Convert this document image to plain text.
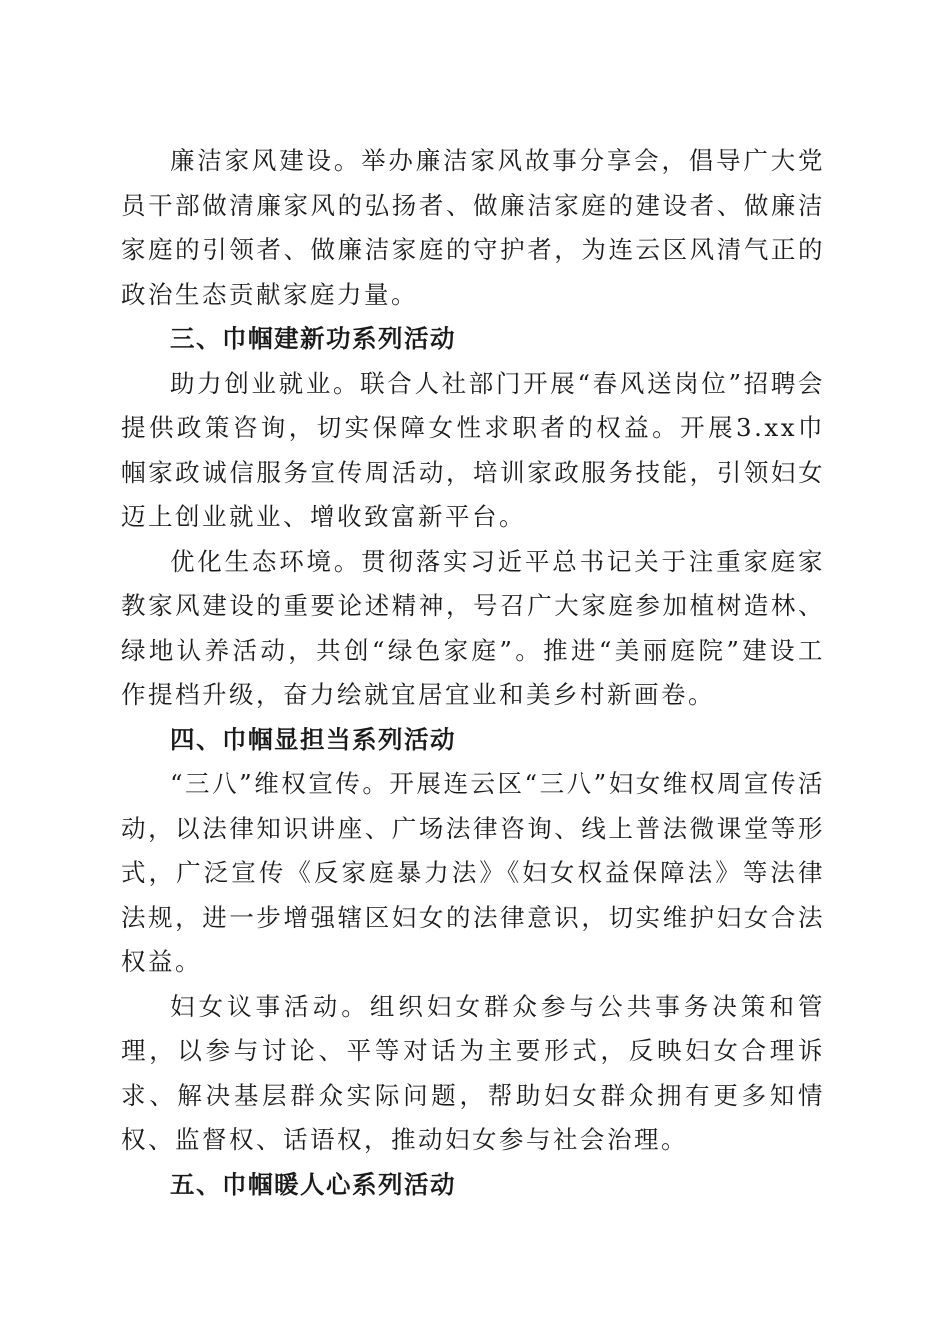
廉洁家风建设。举办廉洁家风故事分享会，倡导广大党员干部做清廉家风的弘扬者、做廉洁家庭的建设者、做廉洁家庭的引领者、做廉洁家庭的守护者，为连云区风清气正的政治生态贡献家庭力量。

三、巾帼建新功系列活动

助力创业就业。联合人社部门开展“春风送岗位”招聘会提供政策咨询，切实保障女性求职者的权益。开展3.xx巾帼家政诚信服务宣传周活动，培训家政服务技能，引领妇女迈上创业就业、增收致富新平台。

优化生态环境。贯彻落实习近平总书记关于注重家庭家教家风建设的重要论述精神，号召广大家庭参加植树造林、绿地认养活动，共创“绿色家庭”。推进“美丽庭院”建设工作提档升级，奋力绘就宜居宜业和美乡村新画卷。

四、巾帼显担当系列活动

“三八”维权宣传。开展连云区“三八”妇女维权周宣传活动，以法律知识讲座、广场法律咨询、线上普法微课堂等形式，广泛宣传《反家庭暴力法》《妇女权益保障法》等法律法规，进一步增强辖区妇女的法律意识，切实维护妇女合法权益。

妇女议事活动。组织妇女群众参与公共事务决策和管理，以参与讨论、平等对话为主要形式，反映妇女合理诉求、解决基层群众实际问题，帮助妇女群众拥有更多知情权、监督权、话语权，推动妇女参与社会治理。

五、巾帼暖人心系列活动
